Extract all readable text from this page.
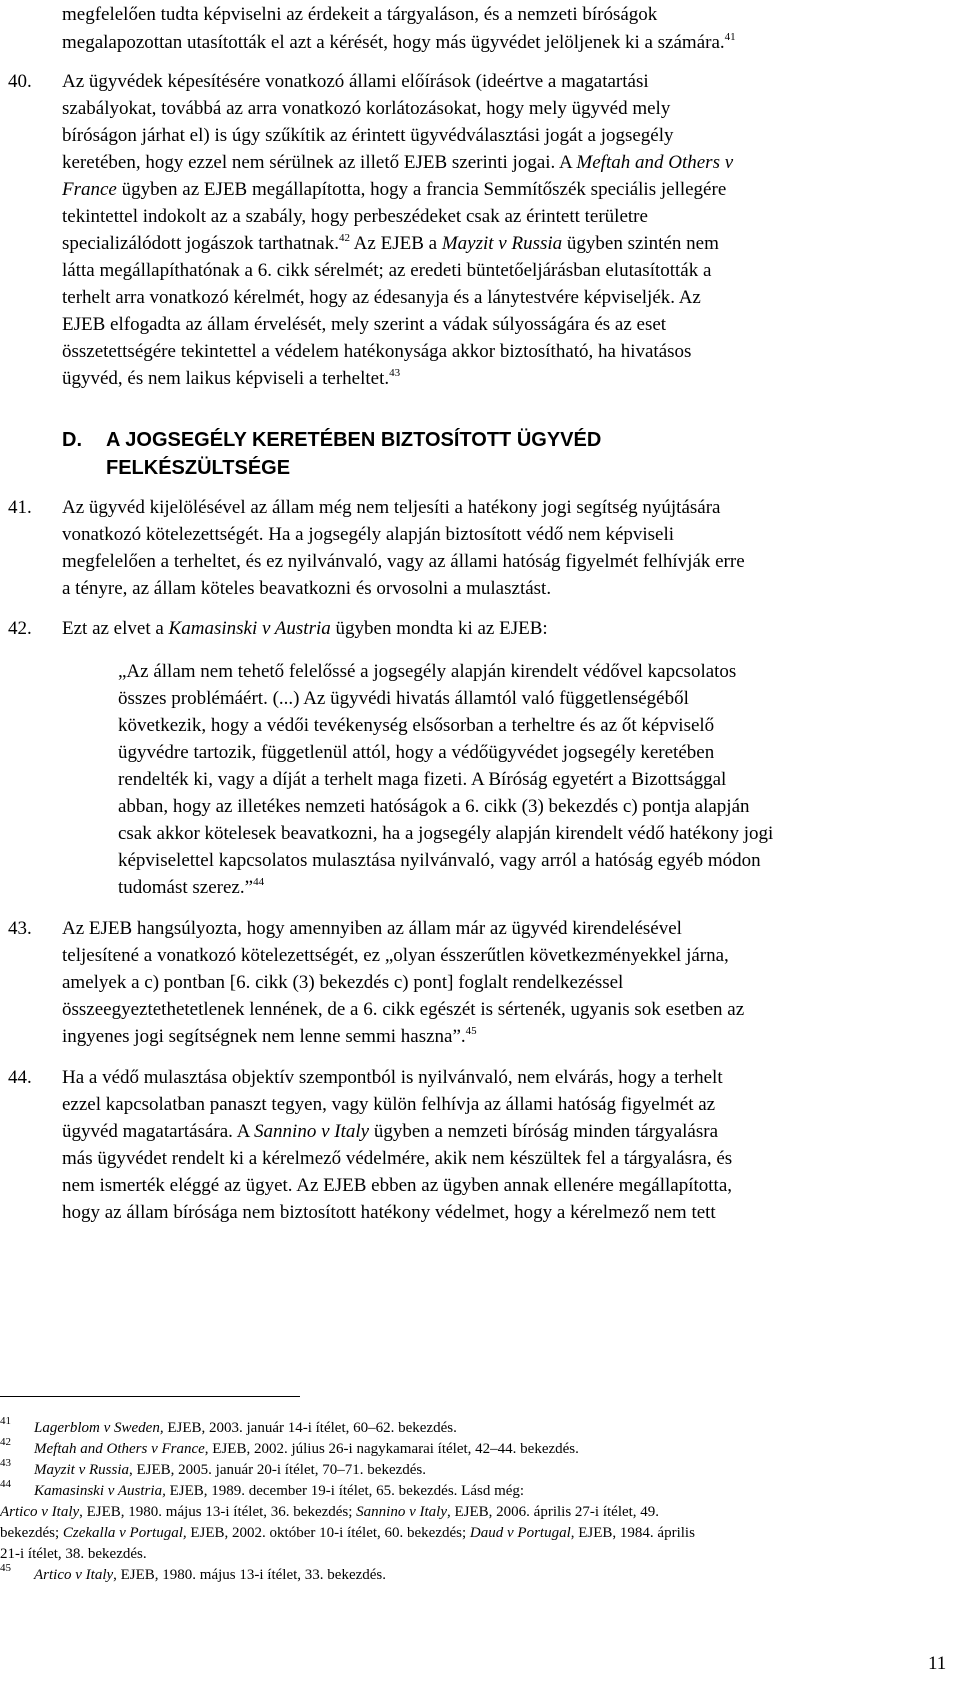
megfelelően tudta képviselni az érdekeit a tárgyaláson, és a nemzeti bíróságok
megalapozottan utasították el azt a kérését, hogy más ügyvédet jelöljenek ki a számára.$^{41}$
40. Az ügyvédek képesítésére vonatkozó állami előírások (ideértve a magatartási
szabályokat, továbbá az arra vonatkozó korlátozásokat, hogy mely ügyvéd mely
bíróságon járhat el) is úgy szűkítik az érintett ügyvédválasztási jogát a jogsegély
keretében, hogy ezzel nem sérülnek az illető EJEB szerinti jogai. A Meftah and Others v
France ügyben az EJEB megállapította, hogy a francia Semmítőszék speciális jellegére
tekintettel indokolt az a szabály, hogy perbeszédeket csak az érintett területre
specializálódott jogászok tarthatnak.$^{42}$ Az EJEB a Mayzit v Russia ügyben szintén nem
látta megállapíthatónak a 6. cikk sérelmét; az eredeti büntetőeljárásban elutasították a
terhelt arra vonatkozó kérelmét, hogy az édesanyja és a lánytestvére képviseljék. Az
EJEB elfogadta az állam érvelését, mely szerint a vádak súlyosságára és az eset
összetettségére tekintettel a védelem hatékonysága akkor biztosítható, ha hivatásos
ügyvéd, és nem laikus képviseli a terheltet.$^{43}$
D. A JOGSEGÉLY KERETÉBEN BIZTOSÍTOTT ÜGYVÉD
FELKÉSZÜLTSÉGE
41. Az ügyvéd kijelölésével az állam még nem teljesíti a hatékony jogi segítség nyújtására
vonatkozó kötelezettségét. Ha a jogsegély alapján biztosított védő nem képviseli
megfelelően a terheltet, és ez nyilvánvaló, vagy az állami hatóság figyelmét felhívják erre
a tényre, az állam köteles beavatkozni és orvosolni a mulasztást.
42. Ezt az elvet a Kamasinski v Austria ügyben mondta ki az EJEB:
„Az állam nem tehető felelőssé a jogsegély alapján kirendelt védővel kapcsolatos
összes problémáért. (...) Az ügyvédi hivatás államtól való függetlenségéből
következik, hogy a védői tevékenység elsősorban a terheltre és az őt képviselő
ügyvédre tartozik, függetlenül attól, hogy a védőügyvédet jogsegély keretében
rendelték ki, vagy a díját a terhelt maga fizeti. A Bíróság egyetért a Bizottsággal
abban, hogy az illetékes nemzeti hatóságok a 6. cikk (3) bekezdés c) pontja alapján
csak akkor kötelesek beavatkozni, ha a jogsegély alapján kirendelt védő hatékony jogi
képviselettel kapcsolatos mulasztása nyilvánvaló, vagy arról a hatóság egyéb módon
tudomást szerez.”$^{44}$
43. Az EJEB hangsúlyozta, hogy amennyiben az állam már az ügyvéd kirendelésével
teljesítené a vonatkozó kötelezettségét, ez „olyan ésszerűtlen következményekkel járna,
amelyek a c) pontban [6. cikk (3) bekezdés c) pont] foglalt rendelkezéssel
összeegyeztethetetlenek lennének, de a 6. cikk egészét is sértenék, ugyanis sok esetben az
ingyenes jogi segítségnek nem lenne semmi haszna”.$^{45}$
44. Ha a védő mulasztása objektív szempontból is nyilvánvaló, nem elvárás, hogy a terhelt
ezzel kapcsolatban panaszt tegyen, vagy külön felhívja az állami hatóság figyelmét az
ügyvéd magatartására. A Sannino v Italy ügyben a nemzeti bíróság minden tárgyalásra
más ügyvédet rendelt ki a kérelmező védelmére, akik nem készültek fel a tárgyalásra, és
nem ismerték eléggé az ügyet. Az EJEB ebben az ügyben annak ellenére megállapította,
hogy az állam bírósága nem biztosított hatékony védelmet, hogy a kérelmező nem tett
41 Lagerblom v Sweden, EJEB, 2003. január 14-i ítélet, 60–62. bekezdés.
42 Meftah and Others v France, EJEB, 2002. július 26-i nagykamarai ítélet, 42–44. bekezdés.
43 Mayzit v Russia, EJEB, 2005. január 20-i ítélet, 70–71. bekezdés.
44 Kamasinski v Austria, EJEB, 1989. december 19-i ítélet, 65. bekezdés. Lásd még:
Artico v Italy, EJEB, 1980. május 13-i ítélet, 36. bekezdés; Sannino v Italy, EJEB, 2006. április 27-i ítélet, 49.
bekezdés; Czekalla v Portugal, EJEB, 2002. október 10-i ítélet, 60. bekezdés; Daud v Portugal, EJEB, 1984. április
21-i ítélet, 38. bekezdés.
45 Artico v Italy, EJEB, 1980. május 13-i ítélet, 33. bekezdés.
11
